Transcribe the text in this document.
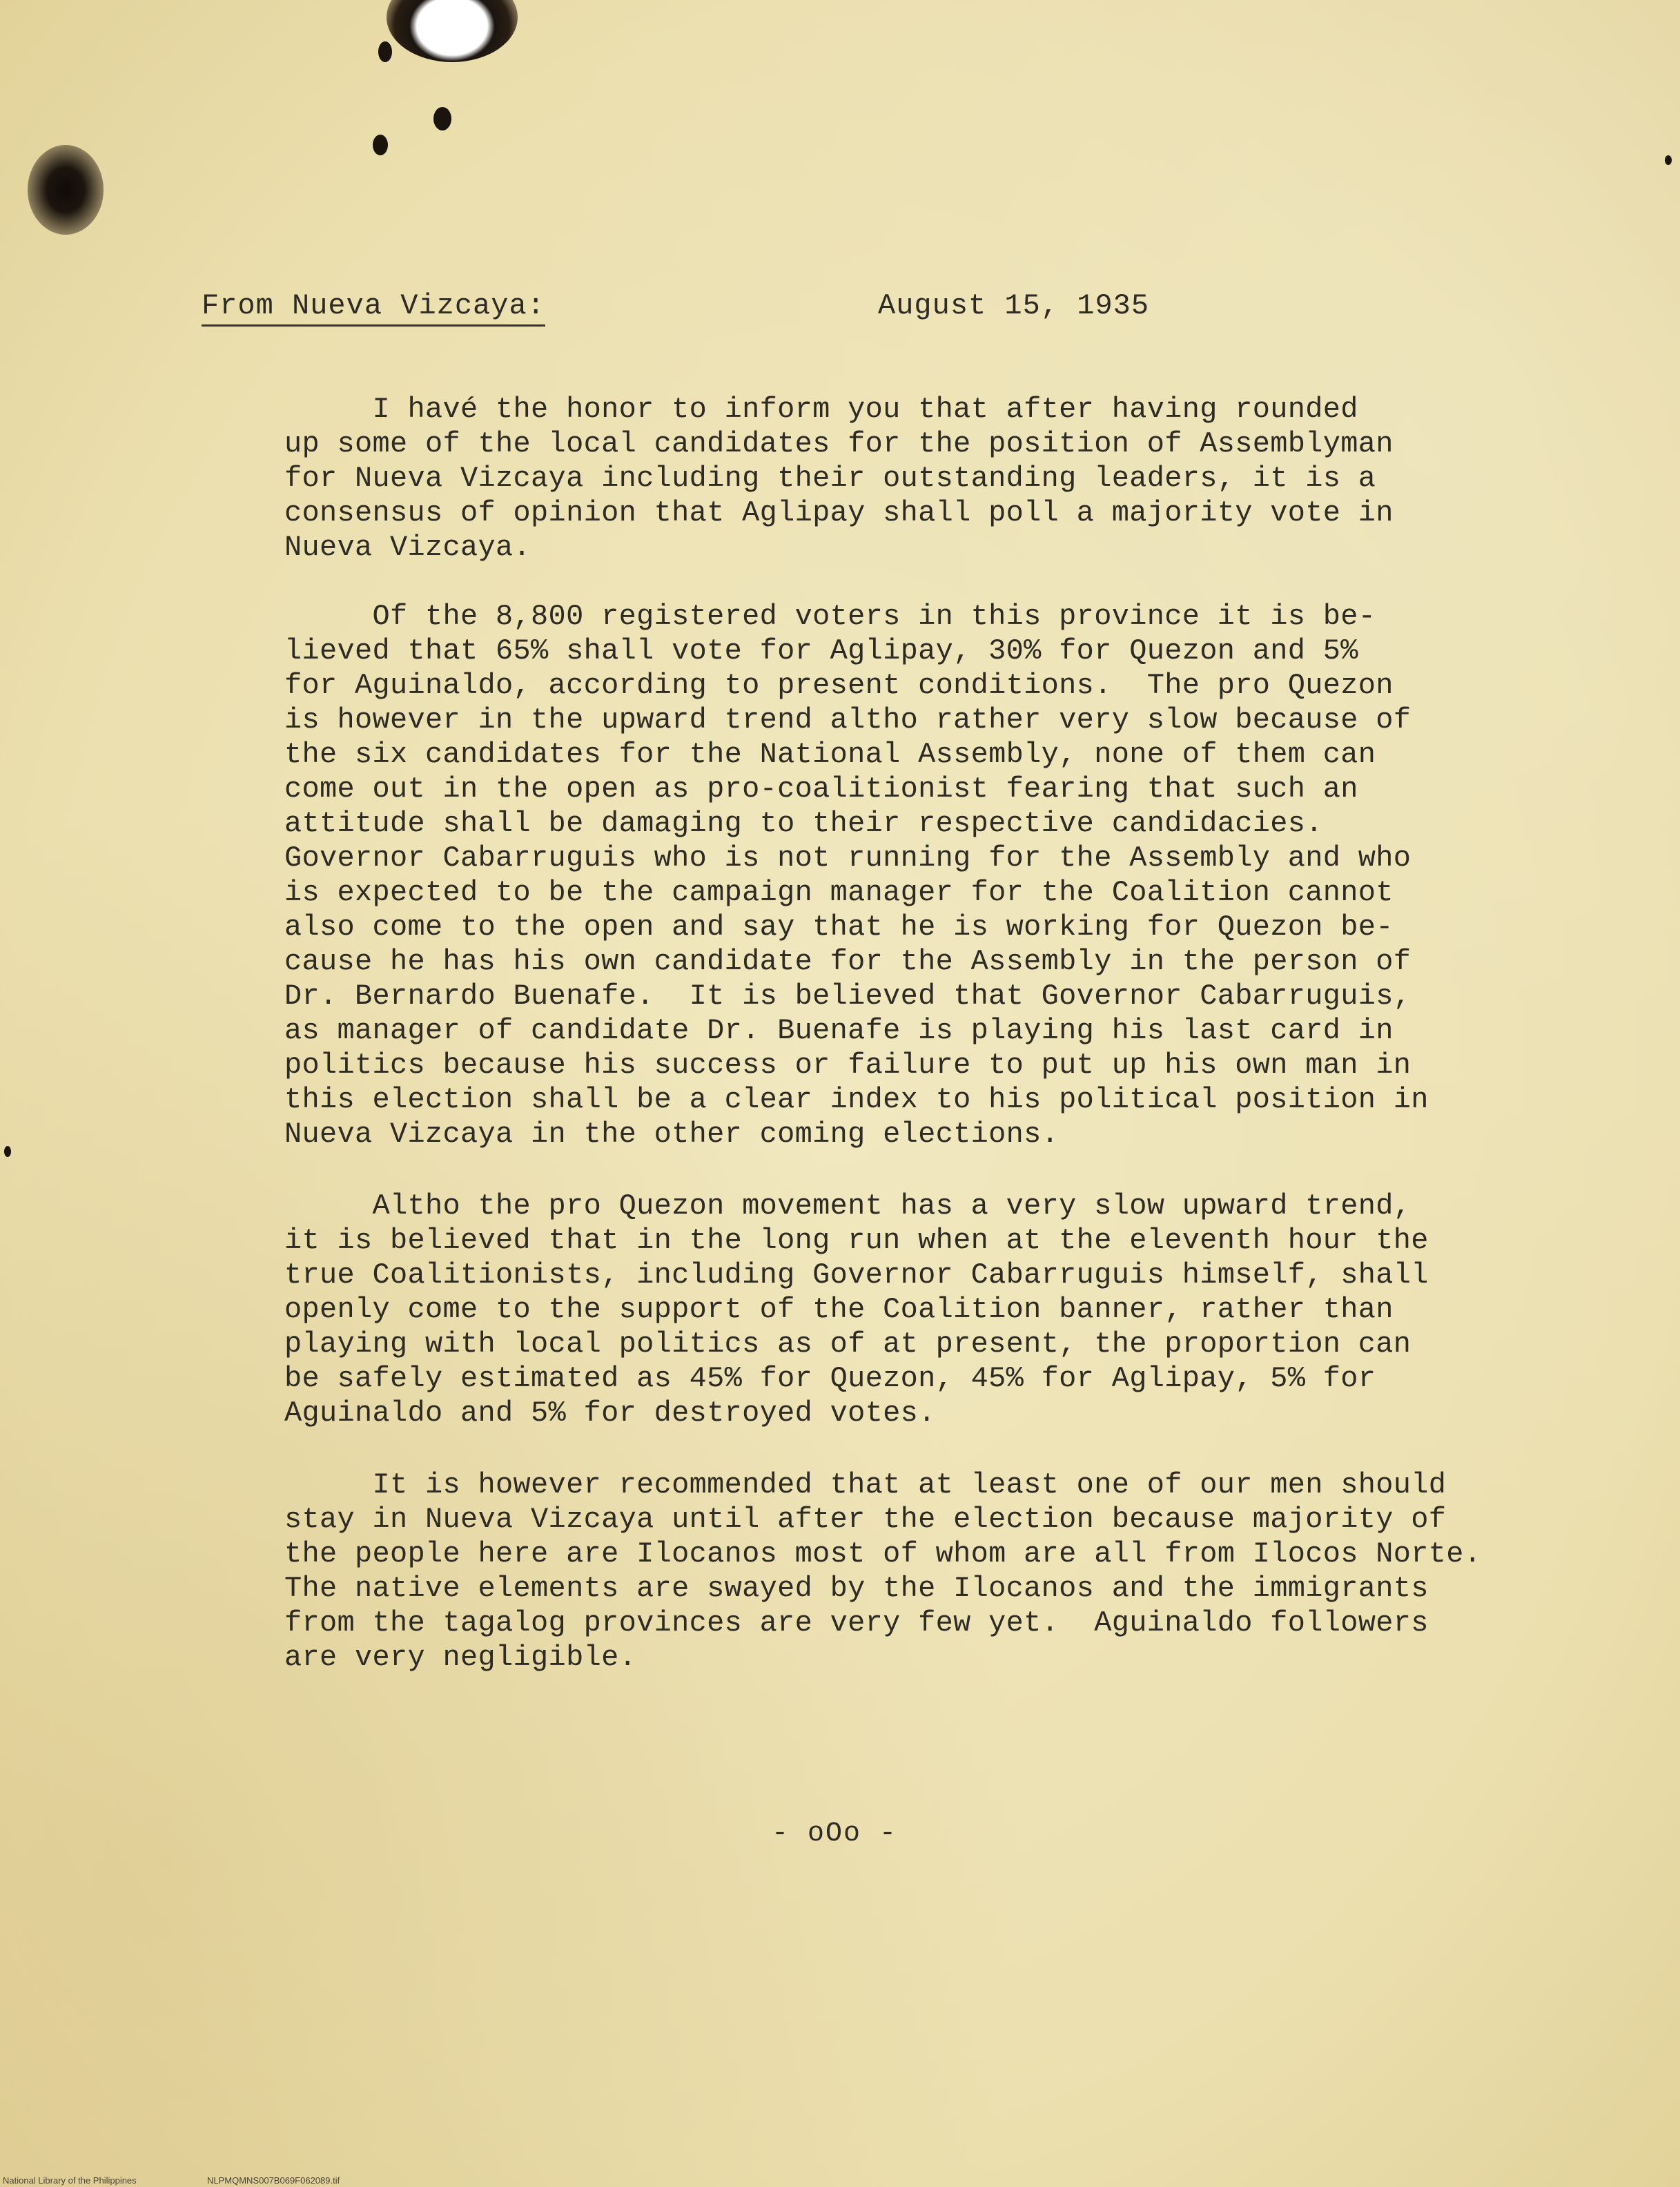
From Nueva Vizcaya:	August 15, 1935
I havé the honor to inform you that after having rounded
up some of the local candidates for the position of Assemblyman
for Nueva Vizcaya including their outstanding leaders, it is a
consensus of opinion that Aglipay shall poll a majority vote in
Nueva Vizcaya.
Of the 8,800 registered voters in this province it is be-
lieved that 65% shall vote for Aglipay, 30% for Quezon and 5%
for Aguinaldo, according to present conditions.  The pro Quezon
is however in the upward trend altho rather very slow because of
the six candidates for the National Assembly, none of them can
come out in the open as pro-coalitionist fearing that such an
attitude shall be damaging to their respective candidacies.
Governor Cabarruguis who is not running for the Assembly and who
is expected to be the campaign manager for the Coalition cannot
also come to the open and say that he is working for Quezon be-
cause he has his own candidate for the Assembly in the person of
Dr. Bernardo Buenafe.  It is believed that Governor Cabarruguis,
as manager of candidate Dr. Buenafe is playing his last card in
politics because his success or failure to put up his own man in
this election shall be a clear index to his political position in
Nueva Vizcaya in the other coming elections.
Altho the pro Quezon movement has a very slow upward trend,
it is believed that in the long run when at the eleventh hour the
true Coalitionists, including Governor Cabarruguis himself, shall
openly come to the support of the Coalition banner, rather than
playing with local politics as of at present, the proportion can
be safely estimated as 45% for Quezon, 45% for Aglipay, 5% for
Aguinaldo and 5% for destroyed votes.
It is however recommended that at least one of our men should
stay in Nueva Vizcaya until after the election because majority of
the people here are Ilocanos most of whom are all from Ilocos Norte.
The native elements are swayed by the Ilocanos and the immigrants
from the tagalog provinces are very few yet.  Aguinaldo followers
are very negligible.
- oOo -
National Library of the Philippines	NLPMQMNS007B069F062089.tif
